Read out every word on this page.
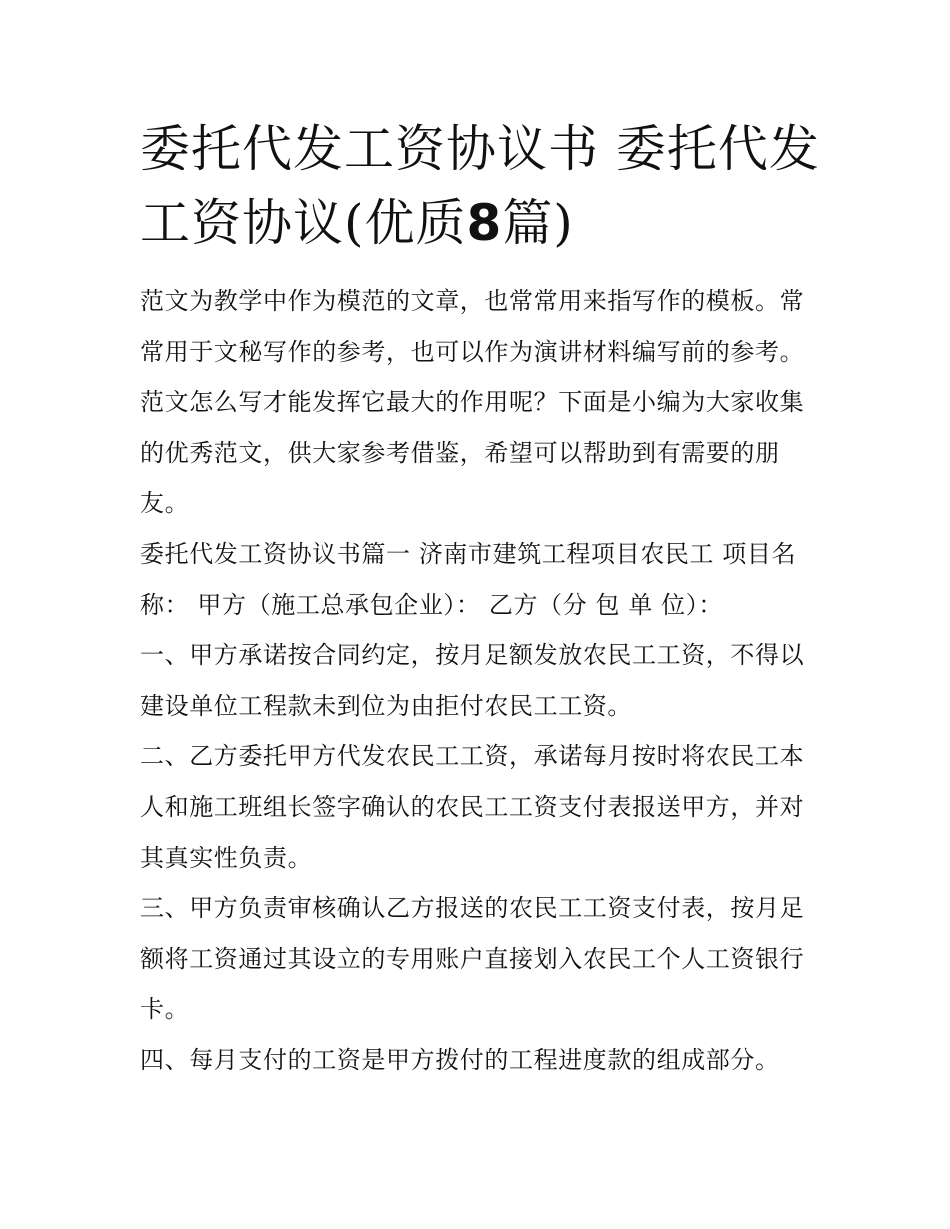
委托代发工资协议书 委托代发工资协议(优质8篇)

范文为教学中作为模范的文章，也常常用来指写作的模板。常常用于文秘写作的参考，也可以作为演讲材料编写前的参考。范文怎么写才能发挥它最大的作用呢？下面是小编为大家收集的优秀范文，供大家参考借鉴，希望可以帮助到有需要的朋友。

委托代发工资协议书篇一 济南市建筑工程项目农民工 项目名称： 甲方（施工总承包企业）： 乙方（分 包 单 位）：

一、甲方承诺按合同约定，按月足额发放农民工工资，不得以建设单位工程款未到位为由拒付农民工工资。

二、乙方委托甲方代发农民工工资，承诺每月按时将农民工本人和施工班组长签字确认的农民工工资支付表报送甲方，并对其真实性负责。

三、甲方负责审核确认乙方报送的农民工工资支付表，按月足额将工资通过其设立的专用账户直接划入农民工个人工资银行卡。

四、每月支付的工资是甲方拨付的工程进度款的组成部分。
